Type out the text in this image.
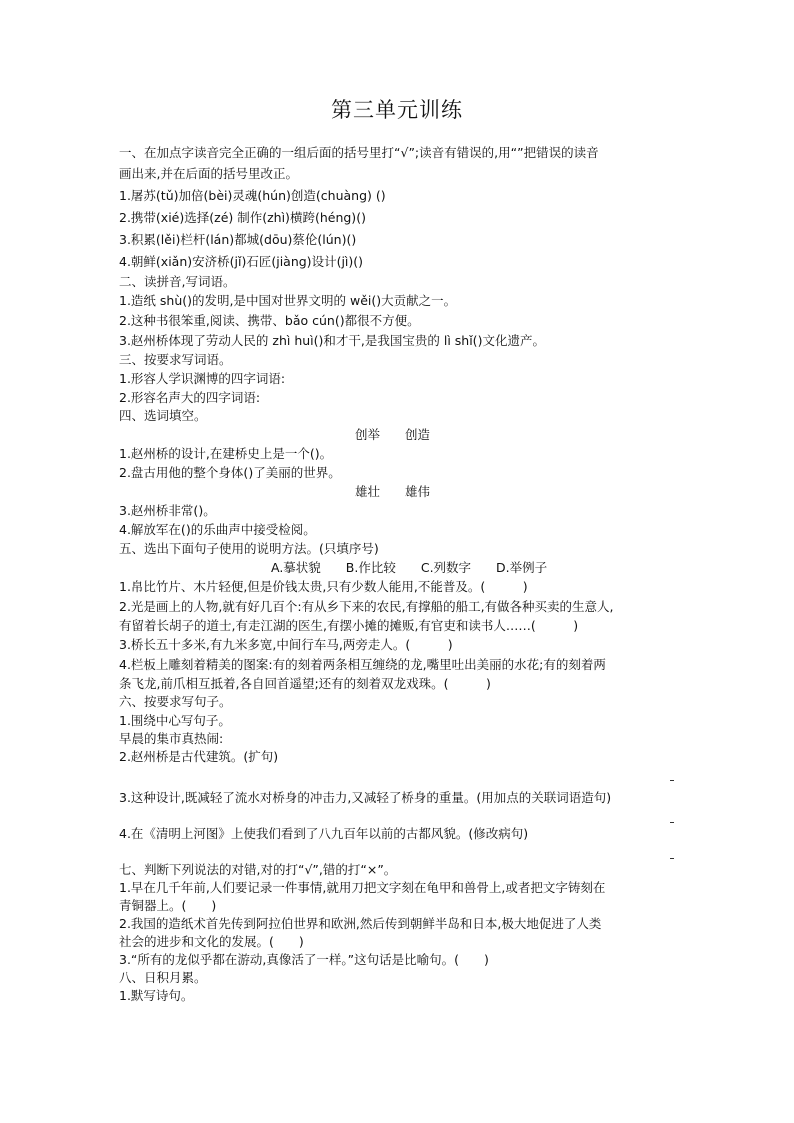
第三单元训练
一、在加点字读音完全正确的一组后面的括号里打“√”;读音有错误的,用“”把错误的读音
画出来,并在后面的括号里改正。
1.屠苏(tǔ)加倍(bèi)灵魂(hún)创造(chuàng) ()
2.携带(xié)选择(zé) 制作(zhì)横跨(héng)()
3.积累(lěi)栏杆(lán)都城(dōu)蔡伦(lún)()
4.朝鲜(xiǎn)安济桥(jǐ)石匠(jiàng)设计(jì)()
二、读拼音,写词语。
1.造纸 shù()的发明,是中国对世界文明的 wěi()大贡献之一。
2.这种书很笨重,阅读、携带、bǎo cún()都很不方便。
3.赵州桥体现了劳动人民的 zhì huì()和才干,是我国宝贵的 lì shǐ()文化遗产。
三、按要求写词语。
1.形容人学识渊博的四字词语:
2.形容名声大的四字词语:
四、选词填空。
创举　　创造
1.赵州桥的设计,在建桥史上是一个()。
2.盘古用他的整个身体()了美丽的世界。
雄壮　　雄伟
3.赵州桥非常()。
4.解放军在()的乐曲声中接受检阅。
五、选出下面句子使用的说明方法。(只填序号)
A.摹状貌　　B.作比较　　C.列数字　　D.举例子
1.帛比竹片、木片轻便,但是价钱太贵,只有少数人能用,不能普及。(　　　)
2.光是画上的人物,就有好几百个:有从乡下来的农民,有撑船的船工,有做各种买卖的生意人,
有留着长胡子的道士,有走江湖的医生,有摆小摊的摊贩,有官吏和读书人……(　　　)
3.桥长五十多米,有九米多宽,中间行车马,两旁走人。(　　　)
4.栏板上雕刻着精美的图案:有的刻着两条相互缠绕的龙,嘴里吐出美丽的水花;有的刻着两
条飞龙,前爪相互抵着,各自回首遥望;还有的刻着双龙戏珠。(　　　)
六、按要求写句子。
1.围绕中心写句子。
早晨的集市真热闹:
2.赵州桥是古代建筑。(扩句)
3.这种设计,既减轻了流水对桥身的冲击力,又减轻了桥身的重量。(用加点的关联词语造句)
4.在《清明上河图》上使我们看到了八九百年以前的古都风貌。(修改病句)
七、判断下列说法的对错,对的打“√”,错的打“×”。
1.早在几千年前,人们要记录一件事情,就用刀把文字刻在龟甲和兽骨上,或者把文字铸刻在
青铜器上。(　　)
2.我国的造纸术首先传到阿拉伯世界和欧洲,然后传到朝鲜半岛和日本,极大地促进了人类
社会的进步和文化的发展。(　　)
3.“所有的龙似乎都在游动,真像活了一样。”这句话是比喻句。(　　)
八、日积月累。
1.默写诗句。
